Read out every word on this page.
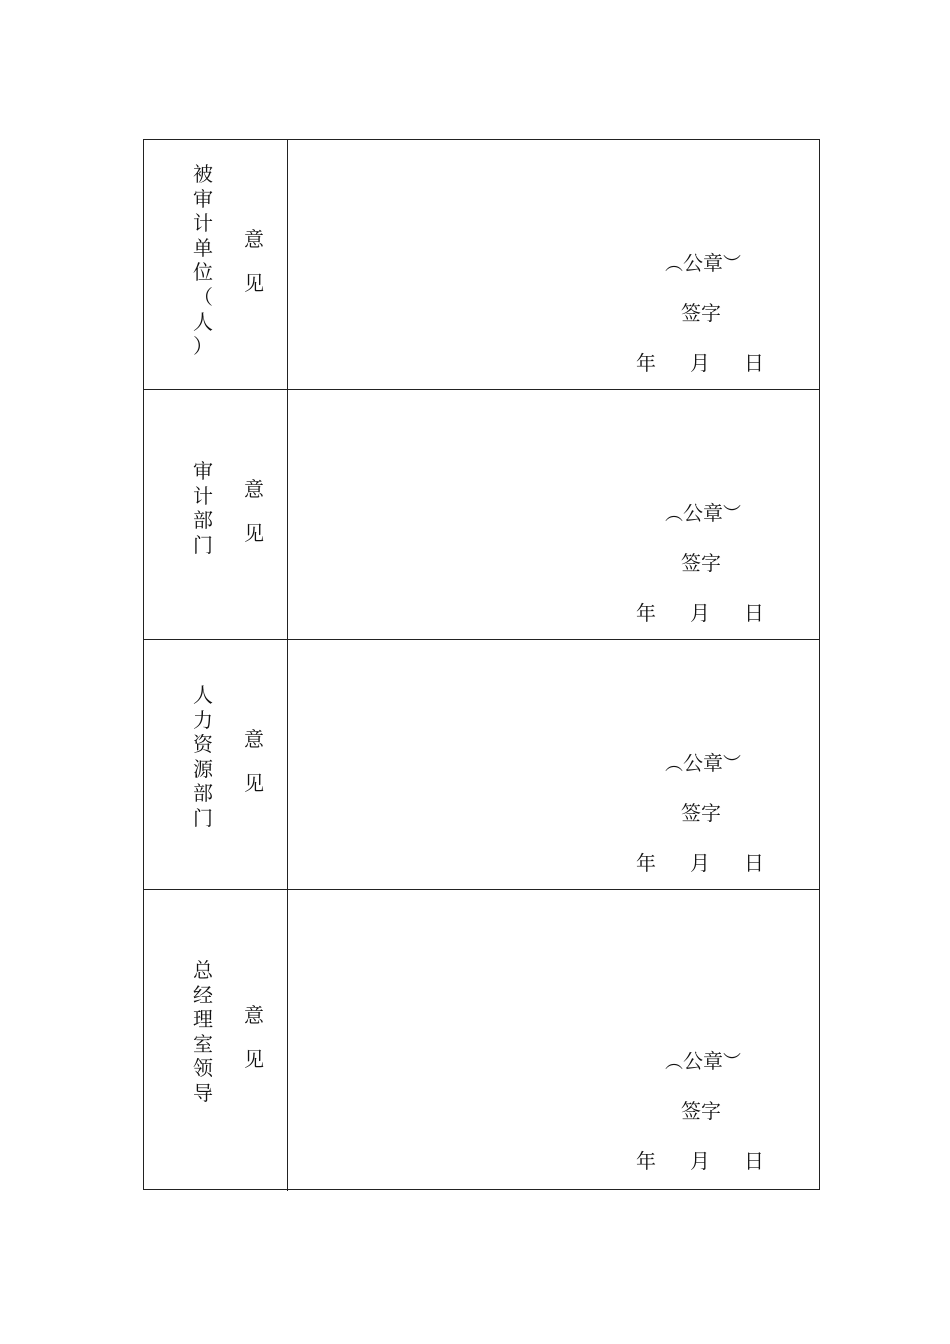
被
审
计
单
位
（
人
）
意
见
︵公章︶
签字
年 月 日
审
计
部
门
意
见
︵公章︶
签字
年 月 日
人
力
资
源
部
门
意
见
︵公章︶
签字
年 月 日
总
经
理
室
领
导
意
见	︵公章︶
签字
年 月 日
